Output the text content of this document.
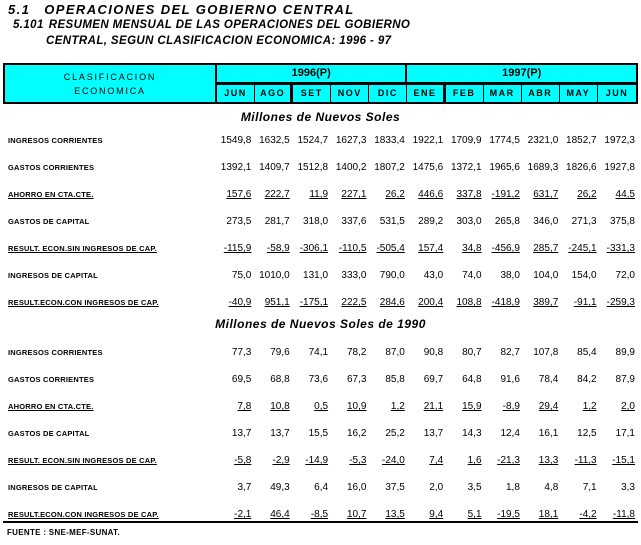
5.1 OPERACIONES DEL GOBIERNO CENTRAL
5.101 RESUMEN MENSUAL DE LAS OPERACIONES DEL GOBIERNO
CENTRAL, SEGUN CLASIFICACION ECONOMICA: 1996 - 97
CLASIFICACION
ECONOMICA
1996(P)	1997(P)
JUN	AGO	SET	NOV	DIC	ENE	FEB	MAR	ABR	MAY	JUN
Millones de Nuevos Soles
INGRESOS CORRIENTES	1549,8 1632,5 1524,7 1627,3 1833,4 1922,1 1709,9 1774,5 2321,0 1852,7 1972,3
GASTOS CORRIENTES	1392,1 1409,7 1512,8 1400,2 1807,2 1475,6 1372,1 1965,6 1689,3 1826,6 1927,8
AHORRO EN CTA.CTE.	157,6	222,7	11,9	227,1	26,2	446,6	337,8	-191,2	631,7	26,2	44,5
GASTOS DE CAPITAL	273,5	281,7	318,0	337,6	531,5	289,2	303,0	265,8	346,0	271,3	375,8
RESULT. ECON.SIN INGRESOS DE CAP.	-115,9	-58,9	-306,1	-110,5	-505,4	157,4	34,8	-456,9	285,7	-245,1	-331,3
INGRESOS DE CAPITAL	75,0 1010,0	131,0	333,0	790,0	43,0	74,0	38,0	104,0	154,0	72,0
RESULT.ECON.CON INGRESOS DE CAP.	-40,9	951,1	-175,1	222,5	284,6	200,4	108,8	-418,9	389,7	-91,1	-259,3
Millones de Nuevos Soles de 1990
INGRESOS CORRIENTES	77,3	79,6	74,1	78,2	87,0	90,8	80,7	82,7	107,8	85,4	89,9
GASTOS CORRIENTES	69,5	68,8	73,6	67,3	85,8	69,7	64,8	91,6	78,4	84,2	87,9
AHORRO EN CTA.CTE.	7,8	10,8	0,5	10,9	1,2	21,1	15,9	-8,9	29,4	1,2	2,0
GASTOS DE CAPITAL	13,7	13,7	15,5	16,2	25,2	13,7	14,3	12,4	16,1	12,5	17,1
RESULT. ECON.SIN INGRESOS DE CAP.	-5,8	-2,9	-14,9	-5,3	-24,0	7,4	1,6	-21,3	13,3	-11,3	-15,1
INGRESOS DE CAPITAL	3,7	49,3	6,4	16,0	37,5	2,0	3,5	1,8	4,8	7,1	3,3
RESULT.ECON.CON INGRESOS DE CAP.	-2,1	46,4	-8,5	10,7	13,5	9,4	5,1	-19,5	18,1	-4,2	-11,8
FUENTE : SNE-MEF-SUNAT.
